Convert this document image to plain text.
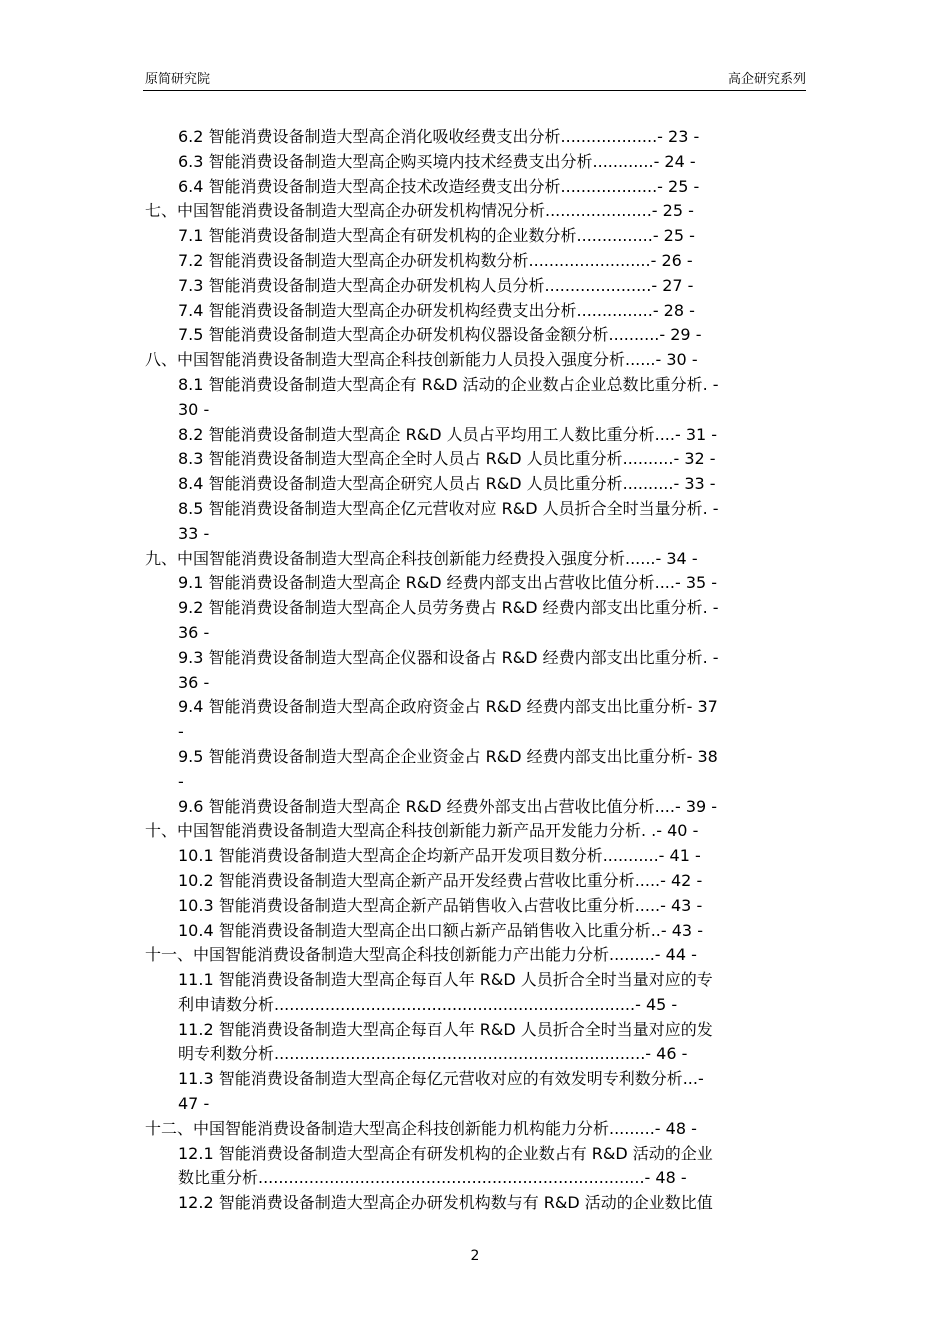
原简研究院	高企研究系列
6.2 智能消费设备制造大型高企消化吸收经费支出分析...................- 23 -
6.3 智能消费设备制造大型高企购买境内技术经费支出分析............- 24 -
6.4 智能消费设备制造大型高企技术改造经费支出分析...................- 25 -
七、中国智能消费设备制造大型高企办研发机构情况分析.....................- 25 -
7.1 智能消费设备制造大型高企有研发机构的企业数分析...............- 25 -
7.2 智能消费设备制造大型高企办研发机构数分析........................- 26 -
7.3 智能消费设备制造大型高企办研发机构人员分析.....................- 27 -
7.4 智能消费设备制造大型高企办研发机构经费支出分析...............- 28 -
7.5 智能消费设备制造大型高企办研发机构仪器设备金额分析..........- 29 -
八、中国智能消费设备制造大型高企科技创新能力人员投入强度分析......- 30 -
8.1 智能消费设备制造大型高企有 R&D 活动的企业数占企业总数比重分析. -
30 -
8.2 智能消费设备制造大型高企 R&D 人员占平均用工人数比重分析....- 31 -
8.3 智能消费设备制造大型高企全时人员占 R&D 人员比重分析..........- 32 -
8.4 智能消费设备制造大型高企研究人员占 R&D 人员比重分析..........- 33 -
8.5 智能消费设备制造大型高企亿元营收对应 R&D 人员折合全时当量分析. -
33 -
九、中国智能消费设备制造大型高企科技创新能力经费投入强度分析......- 34 -
9.1 智能消费设备制造大型高企 R&D 经费内部支出占营收比值分析....- 35 -
9.2 智能消费设备制造大型高企人员劳务费占 R&D 经费内部支出比重分析. -
36 -
9.3 智能消费设备制造大型高企仪器和设备占 R&D 经费内部支出比重分析. -
36 -
9.4 智能消费设备制造大型高企政府资金占 R&D 经费内部支出比重分析- 37
-
9.5 智能消费设备制造大型高企企业资金占 R&D 经费内部支出比重分析- 38
-
9.6 智能消费设备制造大型高企 R&D 经费外部支出占营收比值分析....- 39 -
十、中国智能消费设备制造大型高企科技创新能力新产品开发能力分析. .- 40 -
10.1 智能消费设备制造大型高企企均新产品开发项目数分析...........- 41 -
10.2 智能消费设备制造大型高企新产品开发经费占营收比重分析.....- 42 -
10.3 智能消费设备制造大型高企新产品销售收入占营收比重分析.....- 43 -
10.4 智能消费设备制造大型高企出口额占新产品销售收入比重分析..- 43 -
十一、中国智能消费设备制造大型高企科技创新能力产出能力分析.........- 44 -
11.1 智能消费设备制造大型高企每百人年 R&D 人员折合全时当量对应的专
利申请数分析.......................................................................- 45 -
11.2 智能消费设备制造大型高企每百人年 R&D 人员折合全时当量对应的发
明专利数分析.........................................................................- 46 -
11.3 智能消费设备制造大型高企每亿元营收对应的有效发明专利数分析...-
47 -
十二、中国智能消费设备制造大型高企科技创新能力机构能力分析.........- 48 -
12.1 智能消费设备制造大型高企有研发机构的企业数占有 R&D 活动的企业
数比重分析............................................................................- 48 -
12.2 智能消费设备制造大型高企办研发机构数与有 R&D 活动的企业数比值
2
